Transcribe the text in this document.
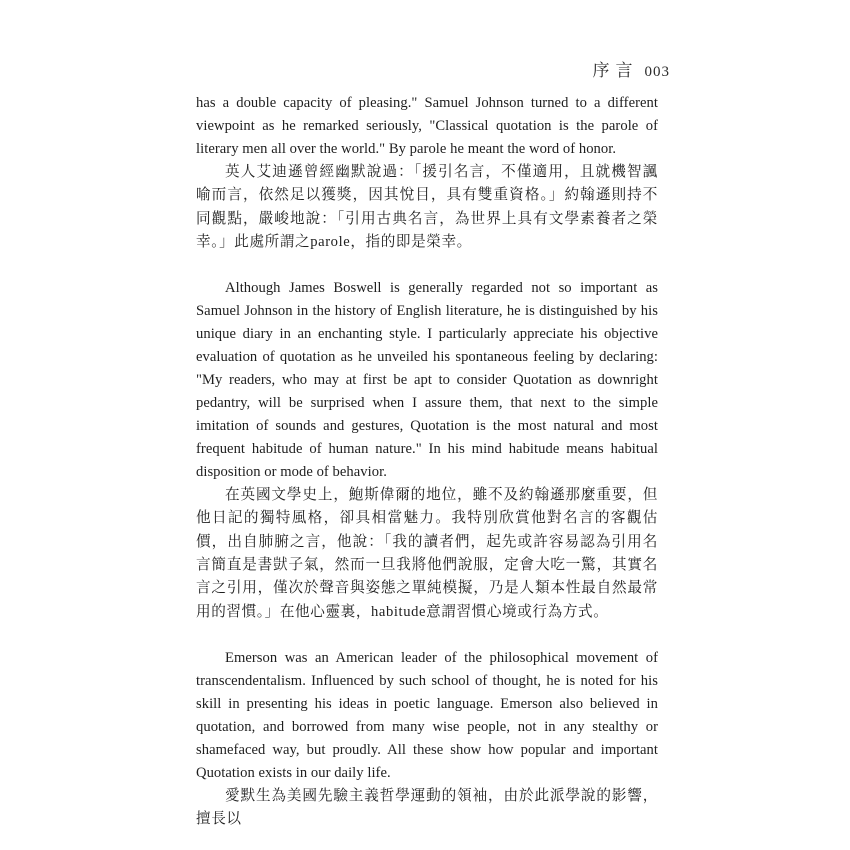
序言 003

has a double capacity of pleasing." Samuel Johnson turned to a different viewpoint as he remarked seriously, "Classical quotation is the parole of literary men all over the world." By parole he meant the word of honor.

英人艾迪遜曾經幽默說過：「援引名言，不僅適用，且就機智諷喻而言，依然足以獲獎，因其悅目，具有雙重資格。」約翰遜則持不同觀點，嚴峻地說：「引用古典名言，為世界上具有文學素養者之榮幸。」此處所謂之parole，指的即是榮幸。

Although James Boswell is generally regarded not so important as Samuel Johnson in the history of English literature, he is distinguished by his unique diary in an enchanting style. I particularly appreciate his objective evaluation of quotation as he unveiled his spontaneous feeling by declaring: "My readers, who may at first be apt to consider Quotation as downright pedantry, will be surprised when I assure them, that next to the simple imitation of sounds and gestures, Quotation is the most natural and most frequent habitude of human nature." In his mind habitude means habitual disposition or mode of behavior.

在英國文學史上，鮑斯偉爾的地位，雖不及約翰遜那麼重要，但他日記的獨特風格，卻具相當魅力。我特別欣賞他對名言的客觀估價，出自肺腑之言，他說：「我的讀者們，起先或許容易認為引用名言簡直是書獃子氣，然而一旦我將他們說服，定會大吃一驚，其實名言之引用，僅次於聲音與姿態之單純模擬，乃是人類本性最自然最常用的習慣。」在他心靈裏，habitude意謂習慣心境或行為方式。

Emerson was an American leader of the philosophical movement of transcendentalism. Influenced by such school of thought, he is noted for his skill in presenting his ideas in poetic language. Emerson also believed in quotation, and borrowed from many wise people, not in any stealthy or shamefaced way, but proudly. All these show how popular and important Quotation exists in our daily life.

愛默生為美國先驗主義哲學運動的領袖，由於此派學說的影響，擅長以
